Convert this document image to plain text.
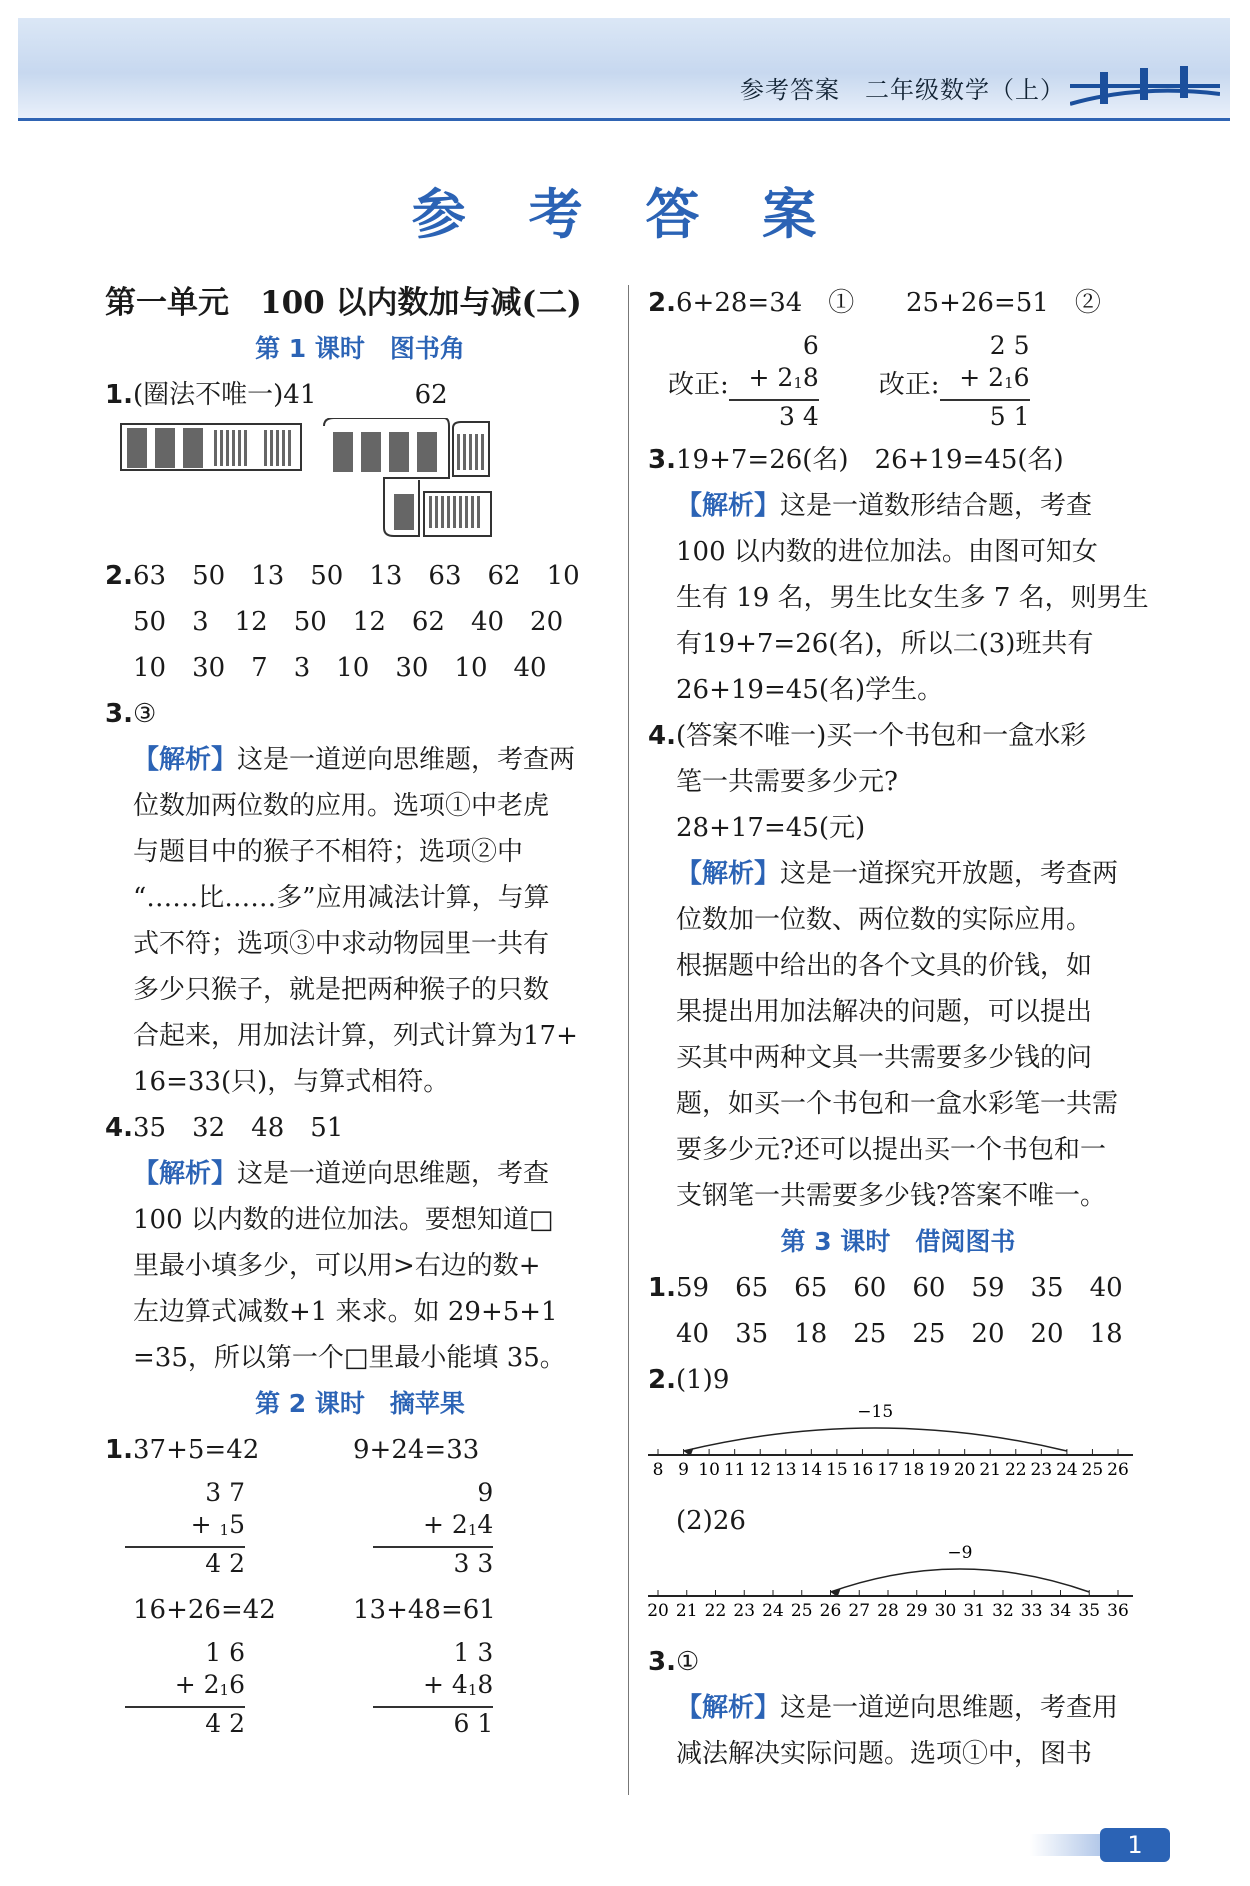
参考答案　二年级数学（上）
参 考 答 案
第一单元　100 以内数加与减(二)
第 1 课时　图书角
1.(圈法不唯一)41	62
2.63　50　13　50　13　63　62　10
50　3　12　50　12　62　40　20
10　30　7　3　10　30　10　40
3.③
【解析】这是一道逆向思维题，考查两
位数加两位数的应用。选项①中老虎
与题目中的猴子不相符；选项②中
“……比……多”应用减法计算，与算
式不符；选项③中求动物园里一共有
多少只猴子，就是把两种猴子的只数
合起来，用加法计算，列式计算为17+
16=33(只)，与算式相符。
4.35　32　48　51
【解析】这是一道逆向思维题，考查
100 以内数的进位加法。要想知道□
里最小填多少，可以用>右边的数+
左边算式减数+1 来求。如 29+5+1
=35，所以第一个□里最小能填 35。
第 2 课时　摘苹果
1.37+5=42	9+24=33
3 7
+ 15
4 2

9
+ 214
3 3
16+26=42	13+48=61
1 6
+ 216
4 2

1 3
+ 418
6 1
2.6+28=34　① 25+26=51　②
改正:
6
+ 218
3 4
改正:
2 5
+ 216
5 1
3.19+7=26(名)　26+19=45(名)
【解析】这是一道数形结合题，考查
100 以内数的进位加法。由图可知女
生有 19 名，男生比女生多 7 名，则男生
有19+7=26(名)，所以二(3)班共有
26+19=45(名)学生。
4.(答案不唯一)买一个书包和一盒水彩
笔一共需要多少元?
28+17=45(元)
【解析】这是一道探究开放题，考查两
位数加一位数、两位数的实际应用。
根据题中给出的各个文具的价钱，如
果提出用加法解决的问题，可以提出
买其中两种文具一共需要多少钱的问
题，如买一个书包和一盒水彩笔一共需
要多少元?还可以提出买一个书包和一
支钢笔一共需要多少钱?答案不唯一。
第 3 课时　借阅图书
1.59　65　65　60　60　59　35　40
40　35　18　25　25　20　20　18
2.(1)9
8 9 10 11 12 13 14 15 16 17 18 19 20 21 22 23 24 25 26
−15
(2)26
20 21 22 23 24 25 26 27 28 29 30 31 32 33 34 35 36
−9
3.①
【解析】这是一道逆向思维题，考查用
减法解决实际问题。选项①中，图书
1
